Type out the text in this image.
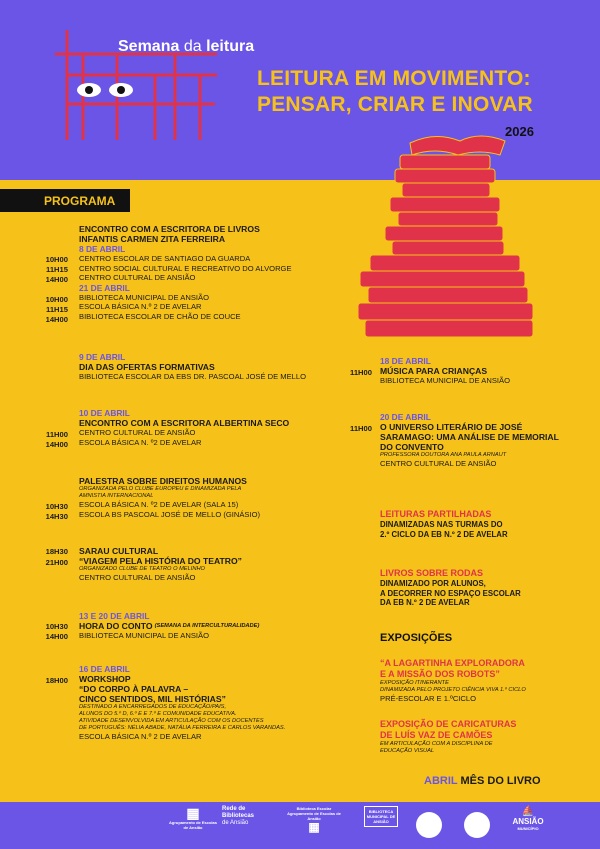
Semana da leitura
LEITURA EM MOVIMENTO:
PENSAR, CRIAR E INOVAR
2026
PROGRAMA
ENCONTRO COM A ESCRITORA DE LIVROS
INFANTIS CARMEN ZITA FERREIRA
8 DE ABRIL
CENTRO ESCOLAR DE SANTIAGO DA GUARDA
CENTRO SOCIAL CULTURAL E RECREATIVO DO ALVORGE
CENTRO CULTURAL DE ANSIÃO
21 DE ABRIL
BIBLIOTECA MUNICIPAL DE ANSIÃO
ESCOLA BÁSICA N.º 2 DE AVELAR
BIBLIOTECA ESCOLAR DE CHÃO DE COUCE
10H00
11H15
14H00
10H00
11H15
14H00
9 DE ABRIL
DIA DAS OFERTAS FORMATIVAS
BIBLIOTECA ESCOLAR DA EBS DR. PASCOAL JOSÉ DE MELLO
10 DE ABRIL
ENCONTRO COM A ESCRITORA ALBERTINA SECO
CENTRO CULTURAL DE ANSIÃO
ESCOLA BÁSICA N. º2 DE AVELAR
11H00
14H00
PALESTRA SOBRE DIREITOS HUMANOS
ORGANIZADA PELO CLUBE EUROPEU E DINAMIZADA PELA
AMNISTIA INTERNACIONAL
ESCOLA BÁSICA N. º2 DE AVELAR (SALA 15)
ESCOLA BS PASCOAL JOSÉ DE MELLO (GINÁSIO)
10H30
14H30
SARAU CULTURAL
“VIAGEM PELA HISTÓRIA DO TEATRO”
ORGANIZADO CLUBE DE TEATRO O MELINHO
CENTRO CULTURAL DE ANSIÃO
18H30
21H00
13 E 20 DE ABRIL
HORA DO CONTO
(SEMANA DA INTERCULTURALIDADE)
BIBLIOTECA MUNICIPAL DE ANSIÃO
10H30
14H00
16 DE ABRIL
WORKSHOP
“DO CORPO À PALAVRA –
CINCO SENTIDOS, MIL HISTÓRIAS”
DESTINADO A ENCARREGADOS DE EDUCAÇÃO/PAIS,
ALUNOS DO 5.º D, 6.º E E 7.º E COMUNIDADE EDUCATIVA.
ATIVIDADE DESENVOLVIDA EM ARTICULAÇÃO COM OS DOCENTES
DE PORTUGUÊS: NÉLIA ABADE, NATÁLIA FERREIRA E CARLOS VARANDAS.
ESCOLA BÁSICA N.º 2 DE AVELAR
18H00
18 DE ABRIL
MÚSICA PARA CRIANÇAS
BIBLIOTECA MUNICIPAL DE ANSIÃO
11H00
20 DE ABRIL
O UNIVERSO LITERÁRIO DE JOSÉ
SARAMAGO: UMA ANÁLISE DE MEMORIAL
DO CONVENTO
PROFESSORA DOUTORA ANA PAULA ARNAUT
CENTRO CULTURAL DE ANSIÃO
11H00
LEITURAS PARTILHADAS
DINAMIZADAS NAS TURMAS DO
2.º CICLO DA EB N.º 2 DE AVELAR
LIVROS SOBRE RODAS
DINAMIZADO POR ALUNOS,
A DECORRER NO ESPAÇO ESCOLAR
DA EB N.º 2 DE AVELAR
EXPOSIÇÕES
“A LAGARTINHA EXPLORADORA
E A MISSÃO DOS ROBOTS”
EXPOSIÇÃO ITINERANTE
DINAMIZADA PELO PROJETO CIÊNCIA VIVA 1.º CICLO
PRÉ-ESCOLAR E 1.ºCICLO
EXPOSIÇÃO DE CARICATURAS
DE LUÍS VAZ DE CAMÕES
EM ARTICULAÇÃO COM A DISCIPLINA DE
EDUCAÇÃO VISUAL
ABRIL MÊS DO LIVRO
▦
Agrupamento de Escolas de Ansião
Rede de
Bibliotecas
de Ansião
Biblioteca Escolar Agrupamento de Escolas de Ansião
▦
BIBLIOTECA MUNICIPAL DE ANSIÃO
⛵
ANSIÃO
MUNICÍPIO
